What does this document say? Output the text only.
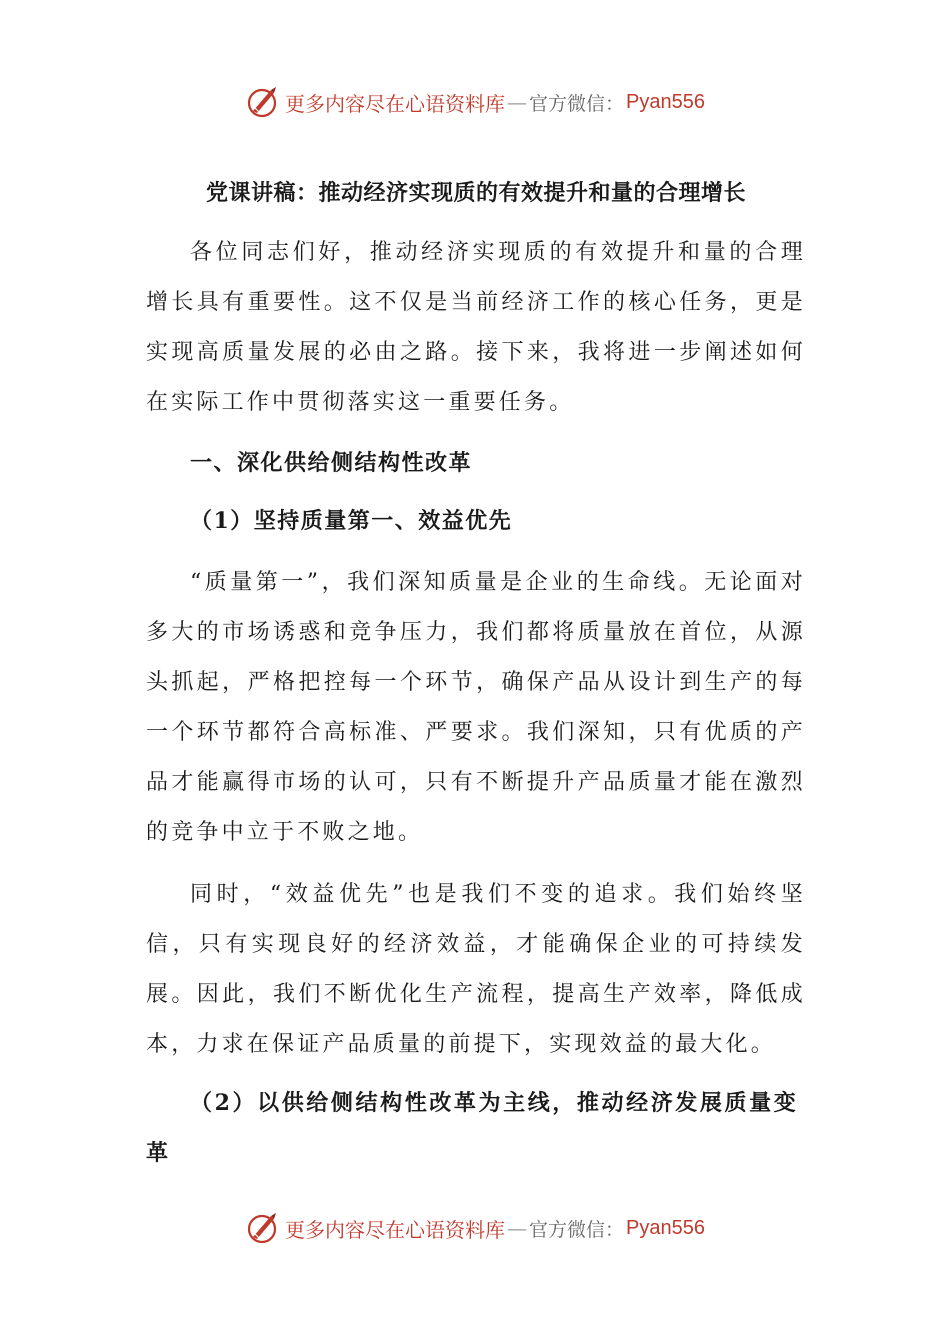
更多内容尽在心语资料库 — 官方微信： Pyan556
党课讲稿：推动经济实现质的有效提升和量的合理增长

各位同志们好，推动经济实现质的有效提升和量的合理增长具有重要性。这不仅是当前经济工作的核心任务，更是实现高质量发展的必由之路。接下来，我将进一步阐述如何在实际工作中贯彻落实这一重要任务。

一、深化供给侧结构性改革

（1）坚持质量第一、效益优先

“质量第一”，我们深知质量是企业的生命线。无论面对多大的市场诱惑和竞争压力，我们都将质量放在首位，从源头抓起，严格把控每一个环节，确保产品从设计到生产的每一个环节都符合高标准、严要求。我们深知，只有优质的产品才能赢得市场的认可，只有不断提升产品质量才能在激烈的竞争中立于不败之地。

同时，“效益优先”也是我们不变的追求。我们始终坚信，只有实现良好的经济效益，才能确保企业的可持续发展。因此，我们不断优化生产流程，提高生产效率，降低成本，力求在保证产品质量的前提下，实现效益的最大化。

（2）以供给侧结构性改革为主线，推动经济发展质量变革

更多内容尽在心语资料库 — 官方微信： Pyan556
